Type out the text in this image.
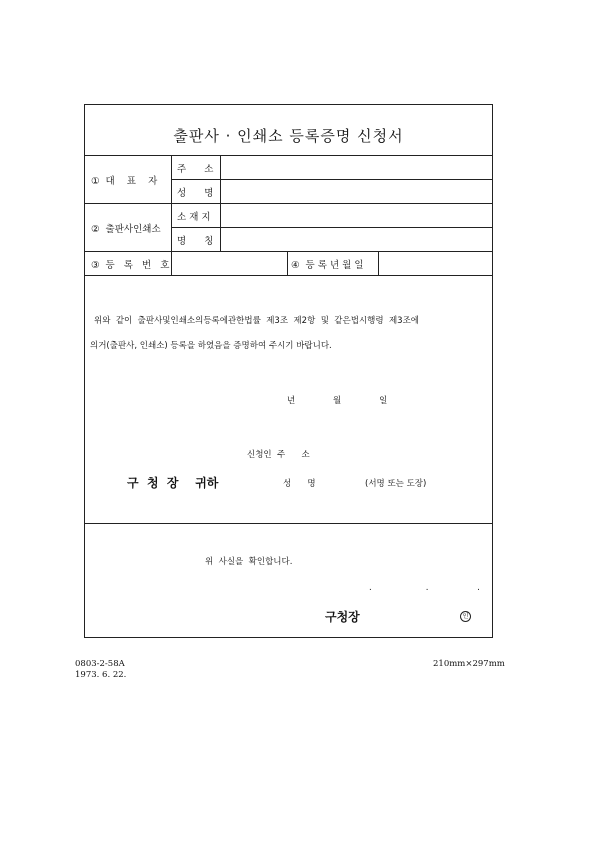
출판사 · 인쇄소 등록증명 신청서
①  대    표    자
주      소
성      명
②  출판사인쇄소
소 재 지
명      칭
③  등   록   번   호	④  등 록 년 월 일
위와  같이  출판사및인쇄소의등록에관한법률  제3조  제2항  및  같은법시행령  제3조에
의거(출판사, 인쇄소) 등록을 하였음을 증명하여 주시기 바랍니다.
년              월              일
신청인  주      소
구  청  장    귀하	성      명	(서명 또는 도장)
위  사실을  확인합니다.
.                    .                  .
구청장	인
0803-2-58A
1973. 6. 22.
210mm×297mm
